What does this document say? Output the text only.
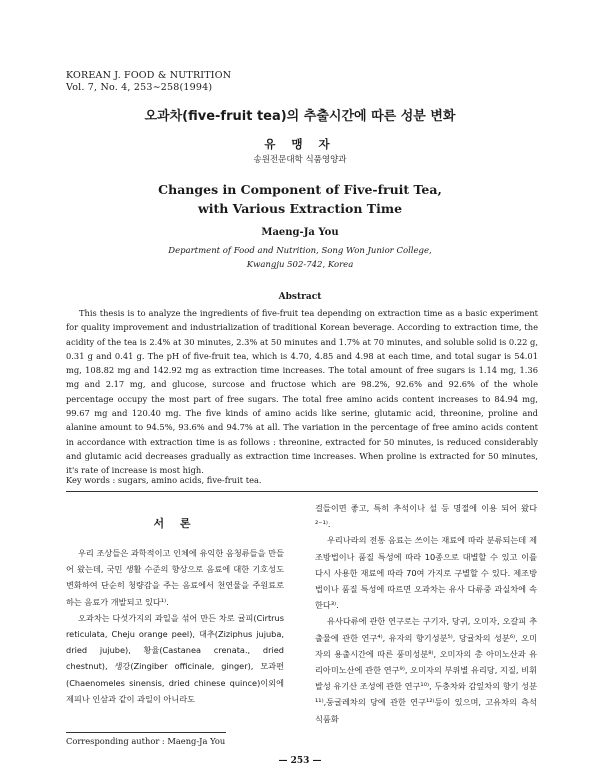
KOREAN J. FOOD & NUTRITION
Vol. 7, No. 4, 253∼258(1994)
오과차(five-fruit tea)의 추출시간에 따른 성분 변화
유 맹 자
송원전문대학 식품영양과
Changes in Component of Five-fruit Tea,
with Various Extraction Time
Maeng-Ja You
Department of Food and Nutrition, Song Won Junior College,
Kwangju 502-742, Korea
Abstract
This thesis is to analyze the ingredients of five-fruit tea depending on extraction time as a basic experiment for quality improvement and industrialization of traditional Korean beverage. According to extraction time, the acidity of the tea is 2.4% at 30 minutes, 2.3% at 50 minutes and 1.7% at 70 minutes, and soluble solid is 0.22 g, 0.31 g and 0.41 g. The pH of five-fruit tea, which is 4.70, 4.85 and 4.98 at each time, and total sugar is 54.01 mg, 108.82 mg and 142.92 mg as extraction time increases. The total amount of free sugars is 1.14 mg, 1.36 mg and 2.17 mg, and glucose, surcose and fructose which are 98.2%, 92.6% and 92.6% of the whole percentage occupy the most part of free sugars. The total free amino acids content increases to 84.94 mg, 99.67 mg and 120.40 mg. The five kinds of amino acids like serine, glutamic acid, threonine, proline and alanine amount to 94.5%, 93.6% and 94.7% at all. The variation in the percentage of free amino acids content in accordance with extraction time is as follows : threonine, extracted for 50 minutes, is reduced considerably and glutamic acid decreases gradually as extraction time increases. When proline is extracted for 50 minutes, it's rate of increase is most high.
Key words : sugars, amino acids, five-fruit tea.
서 론
우리 조상들은 과학적이고 인체에 유익한 음청류들을 만들어 왔는데, 국민 생활 수준의 향상으로 음료에 대한 기호성도 변화하여 단순히 청량감을 주는 음료에서 천연물을 주원료로 하는 음료가 개발되고 있다¹⁾.
오과차는 다섯가지의 과일을 섞어 만든 차로 귤피(Cirtrus reticulata, Cheju orange peel), 대추(Ziziphus jujuba, dried jujube), 황율(Castanea crenata., dried chestnut), 생강(Zingiber officinale, ginger), 모과편(Chaenomeles sinensis, dried chinese quince)이외에 제피나 인삼과 같이 과일이 아니라도
걸들이면 좋고, 특히 추석이나 설 등 명절에 이용 되어 왔다²⁻¹⁾.
우리나라의 전통 음료는 쓰이는 재료에 따라 분류되는데 제조방법이나 품질 특성에 따라 10종으로 대별할 수 있고 이를 다시 사용한 재료에 따라 70여 가지로 구별할 수 있다. 제조방법이나 품질 특성에 따르면 오과차는 유사 다류중 과실차에 속한다³⁾.
유사다류에 관한 연구로는 구기자, 당귀, 오미자, 오갈피 추출물에 관한 연구⁴⁾, 유자의 향기성분⁵⁾, 당귤차의 성분⁶⁾, 오미자의 용출시간에 따른 풍미성분⁸⁾, 오미자의 총 아미노산과 유리아미노산에 관한 연구⁹⁾, 오미자의 부위별 유리당, 지질, 비휘발성 유기산 조성에 관한 연구¹⁰⁾, 두충차와 감잎차의 향기 성분¹¹⁾,둥굴레차의 당에 관한 연구¹²⁾등이 있으며, 고유차의 측석 식품화
Corresponding author : Maeng-Ja You
— 253 —
